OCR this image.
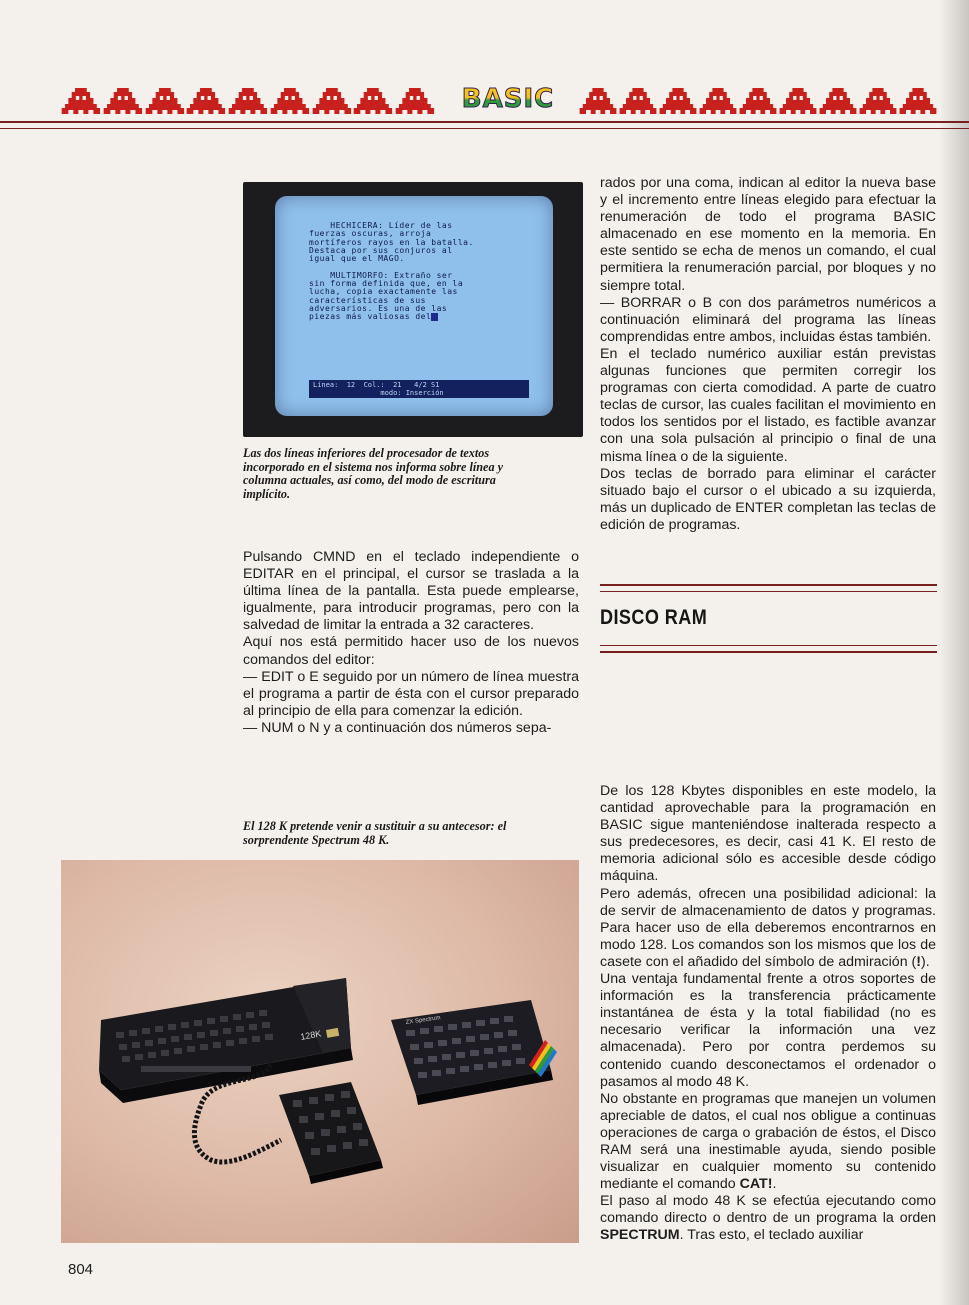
BASIC
HECHICERA: Líder de las
fuerzas oscuras, arroja
mortíferos rayos en la batalla.
Destaca por sus conjuros al
igual que el MAGO.

MULTIMORFO: Extraño ser
sin forma definida que, en la
lucha, copia exactamente las
características de sus
adversarios. Es una de las
piezas más valiosas del
Línea:  12  Col.:  21   4/2 S1
modo: Inserción
Las dos líneas inferiores del procesador de textos incorporado en el sistema nos informa sobre línea y columna actuales, así como, del modo de escritura implícito.

Pulsando CMND en el teclado independiente o EDITAR en el principal, el cursor se traslada a la última línea de la pantalla. Esta puede emplearse, igualmente, para introducir programas, pero con la salvedad de limitar la entrada a 32 caracteres.

Aquí nos está permitido hacer uso de los nuevos comandos del editor:

— EDIT o E seguido por un número de línea muestra el programa a partir de ésta con el cursor preparado al principio de ella para comenzar la edición.

— NUM o N y a continuación dos números sepa-

El 128 K pretende venir a sustituir a su antecesor: el sorprendente Spectrum 48 K.
128K
ZX Spectrum

rados por una coma, indican al editor la nueva base y el incremento entre líneas elegido para efectuar la renumeración de todo el programa BASIC almacenado en ese momento en la memoria. En este sentido se echa de menos un comando, el cual permitiera la renumeración parcial, por bloques y no siempre total.

— BORRAR o B con dos parámetros numéricos a continuación eliminará del programa las líneas comprendidas entre ambos, incluidas éstas también.

En el teclado numérico auxiliar están previstas algunas funciones que permiten corregir los programas con cierta comodidad. A parte de cuatro teclas de cursor, las cuales facilitan el movimiento en todos los sentidos por el listado, es factible avanzar con una sola pulsación al principio o final de una misma línea o de la siguiente.

Dos teclas de borrado para eliminar el carácter situado bajo el cursor o el ubicado a su izquierda, más un duplicado de ENTER completan las teclas de edición de programas.

DISCO RAM

De los 128 Kbytes disponibles en este modelo, la cantidad aprovechable para la programación en BASIC sigue manteniéndose inalterada respecto a sus predecesores, es decir, casi 41 K. El resto de memoria adicional sólo es accesible desde código máquina.

Pero además, ofrecen una posibilidad adicional: la de servir de almacenamiento de datos y programas. Para hacer uso de ella deberemos encontrarnos en modo 128. Los comandos son los mismos que los de casete con el añadido del símbolo de admiración (!).

Una ventaja fundamental frente a otros soportes de información es la transferencia prácticamente instantánea de ésta y la total fiabilidad (no es necesario verificar la información una vez almacenada). Pero por contra perdemos su contenido cuando desconectamos el ordenador o pasamos al modo 48 K.

No obstante en programas que manejen un volumen apreciable de datos, el cual nos obligue a continuas operaciones de carga o grabación de éstos, el Disco RAM será una inestimable ayuda, siendo posible visualizar en cualquier momento su contenido mediante el comando CAT!.

El paso al modo 48 K se efectúa ejecutando como comando directo o dentro de un programa la orden SPECTRUM. Tras esto, el teclado auxiliar

804
